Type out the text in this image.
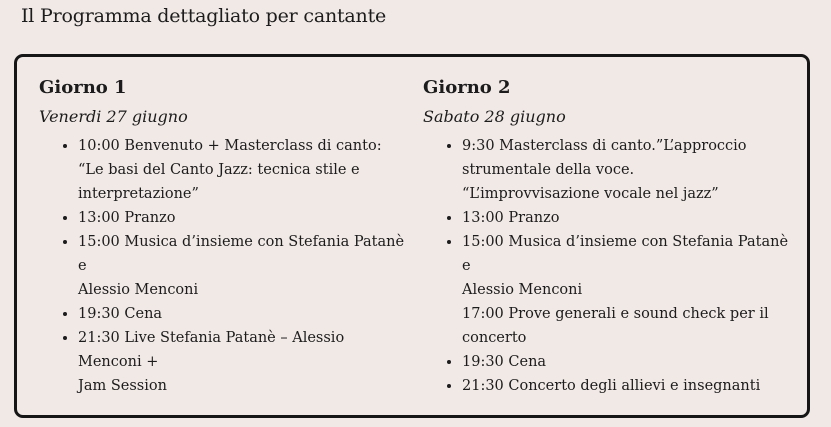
Il Programma dettagliato per cantante
Giorno 1

Venerdi 27 giugno

• 10:00 Benvenuto + Masterclass di canto:
“Le basi del Canto Jazz: tecnica stile e
interpretazione”
• 13:00 Pranzo
• 15:00 Musica d’insieme con Stefania Patanè e
Alessio Menconi
• 19:30 Cena
• 21:30 Live Stefania Patanè – Alessio Menconi +
Jam Session
Giorno 2

Sabato 28 giugno

• 9:30 Masterclass di canto.”L’approccio
strumentale della voce.
“L’improvvisazione vocale nel jazz”
• 13:00 Pranzo
• 15:00 Musica d’insieme con Stefania Patanè e
Alessio Menconi
17:00 Prove generali e sound check per il
concerto
• 19:30 Cena
• 21:30 Concerto degli allievi e insegnanti
